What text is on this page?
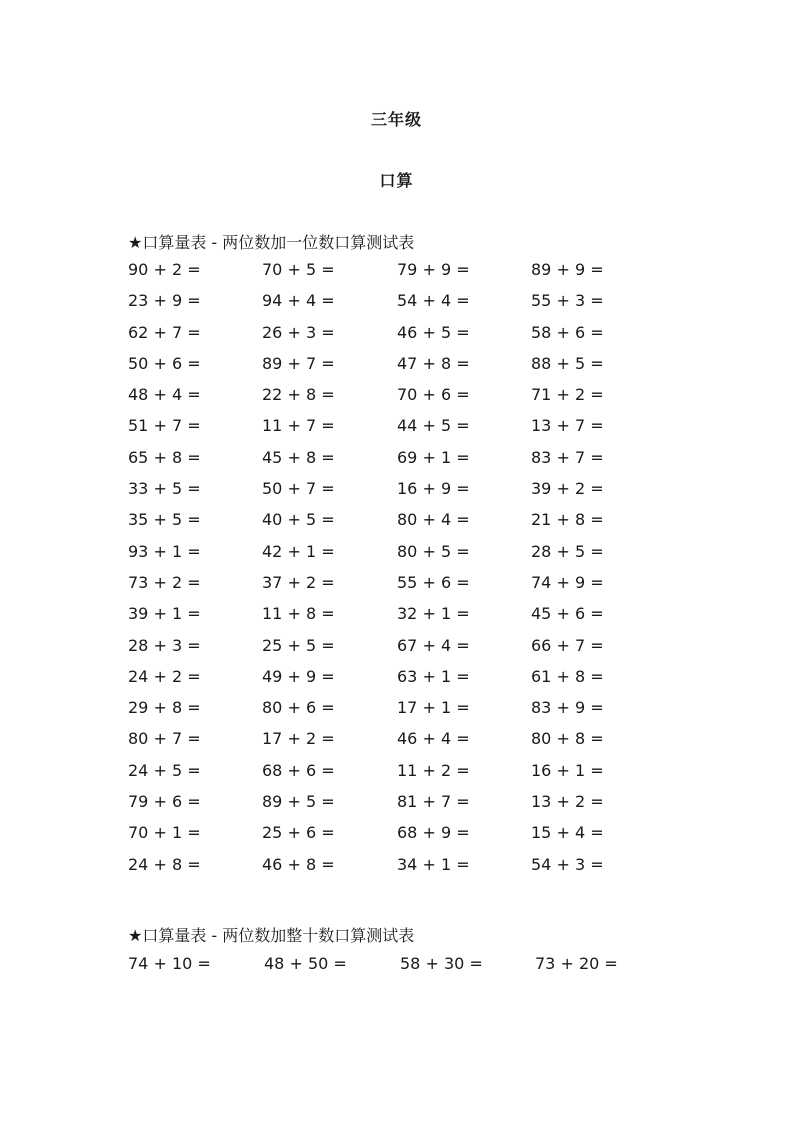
三年级
口算
★口算量表 - 两位数加一位数口算测试表
90 + 2 =	70 + 5 =	79 + 9 =	89 + 9 =
23 + 9 =	94 + 4 =	54 + 4 =	55 + 3 =
62 + 7 =	26 + 3 =	46 + 5 =	58 + 6 =
50 + 6 =	89 + 7 =	47 + 8 =	88 + 5 =
48 + 4 =	22 + 8 =	70 + 6 =	71 + 2 =
51 + 7 =	11 + 7 =	44 + 5 =	13 + 7 =
65 + 8 =	45 + 8 =	69 + 1 =	83 + 7 =
33 + 5 =	50 + 7 =	16 + 9 =	39 + 2 =
35 + 5 =	40 + 5 =	80 + 4 =	21 + 8 =
93 + 1 =	42 + 1 =	80 + 5 =	28 + 5 =
73 + 2 =	37 + 2 =	55 + 6 =	74 + 9 =
39 + 1 =	11 + 8 =	32 + 1 =	45 + 6 =
28 + 3 =	25 + 5 =	67 + 4 =	66 + 7 =
24 + 2 =	49 + 9 =	63 + 1 =	61 + 8 =
29 + 8 =	80 + 6 =	17 + 1 =	83 + 9 =
80 + 7 =	17 + 2 =	46 + 4 =	80 + 8 =
24 + 5 =	68 + 6 =	11 + 2 =	16 + 1 =
79 + 6 =	89 + 5 =	81 + 7 =	13 + 2 =
70 + 1 =	25 + 6 =	68 + 9 =	15 + 4 =
24 + 8 =	46 + 8 =	34 + 1 =	54 + 3 =
★口算量表 - 两位数加整十数口算测试表
74 + 10 =	48 + 50 =	58 + 30 =	73 + 20 =
